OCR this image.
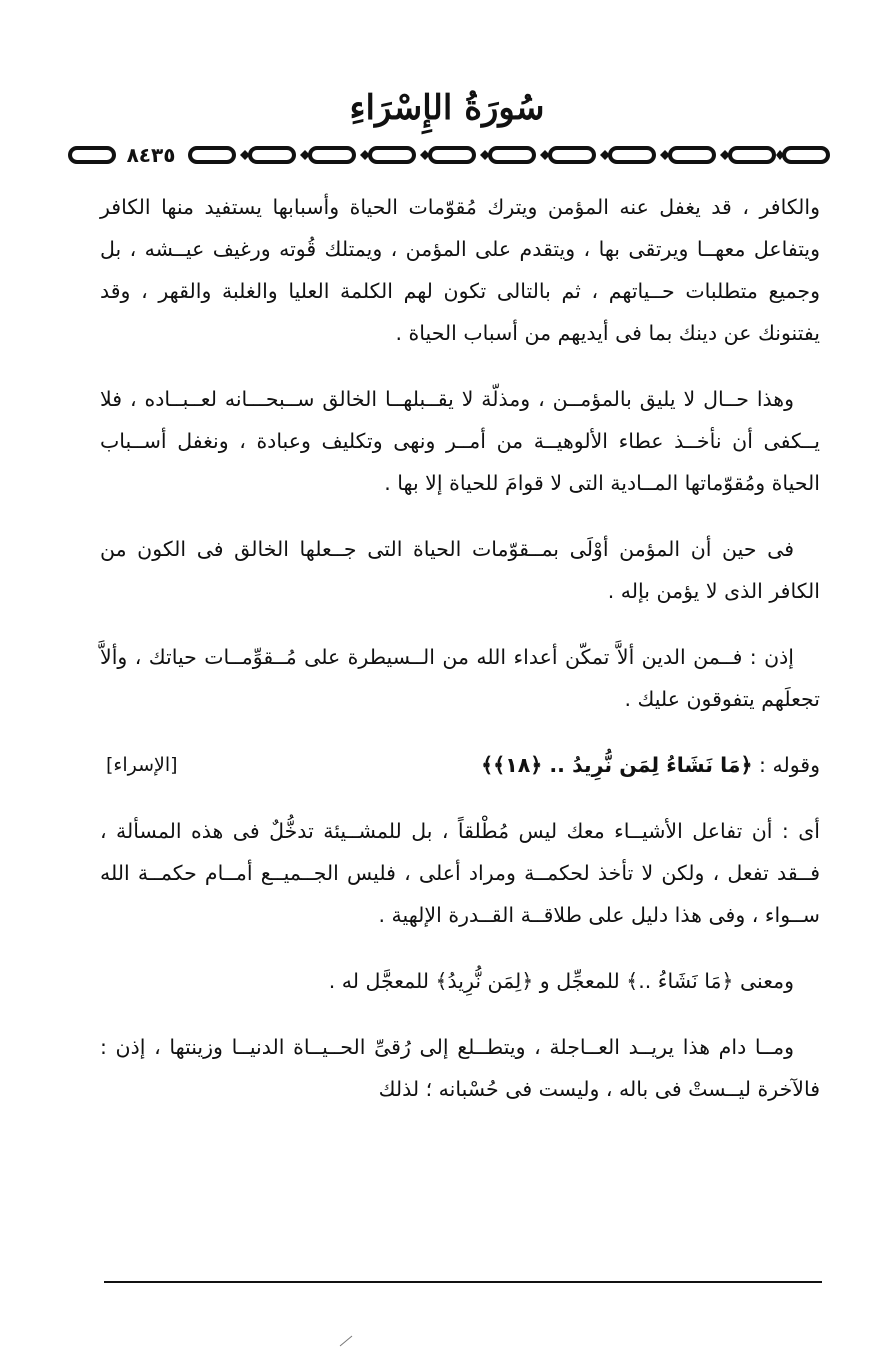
سُورَةُ الإِسْرَاءِ
٨٤٣٥

والكافر ، قد يغفل عنه المؤمن ويترك مُقوّمات الحياة وأسبابها يستفيد منها الكافر ويتفاعل معهــا ويرتقى بها ، ويتقدم على المؤمن ، ويمتلك قُوته ورغيف عيــشه ، بل وجميع متطلبات حــياتهم ، ثم بالتالى تكون لهم الكلمة العليا والغلبة والقهر ، وقد يفتنونك عن دينك بما فى أيديهم من أسباب الحياة .

وهذا حــال لا يليق بالمؤمــن ، ومذلّة لا يقــبلهــا الخالق ســبحـــانه لعــبــاده ، فلا يــكفى أن نأخــذ عطاء الألوهيــة من أمــر ونهى وتكليف وعبادة ، ونغفل أســباب الحياة ومُقوّماتها المــادية التى لا قوامَ للحياة إلا بها .

فى حين أن المؤمن أوْلَى بمــقوّمات الحياة التى جــعلها الخالق فى الكون من الكافر الذى لا يؤمن بإله .

إذن : فــمن الدين ألاَّ تمكّن أعداء الله من الــسيطرة على مُــقوِّمــات حياتك ، وألاَّ تجعلَهم يتفوقون عليك .

وقوله : ﴿مَا نَشَاءُ لِمَن نُّرِيدُ .. ﴿١٨﴾﴾
[الإسراء]

أى : أن تفاعل الأشيــاء معك ليس مُطْلقاً ، بل للمشــيئة تدخُّلٌ فى هذه المسألة ، فــقد تفعل ، ولكن لا تأخذ لحكمــة ومراد أعلى ، فليس الجــميــع أمــام حكمــة الله ســواء ، وفى هذا دليل على طلاقــة القــدرة الإلهية .

ومعنى ﴿مَا نَشَاءُ ..﴾ للمعجِّل و ﴿لِمَن نُّرِيدُ﴾ للمعجَّل له .

ومــا دام هذا يريــد العــاجلة ، ويتطــلع إلى رُقىِّ الحــيــاة الدنيــا وزينتها ، إذن : فالآخرة ليــستْ فى باله ، وليست فى حُسْبانه ؛ لذلك
